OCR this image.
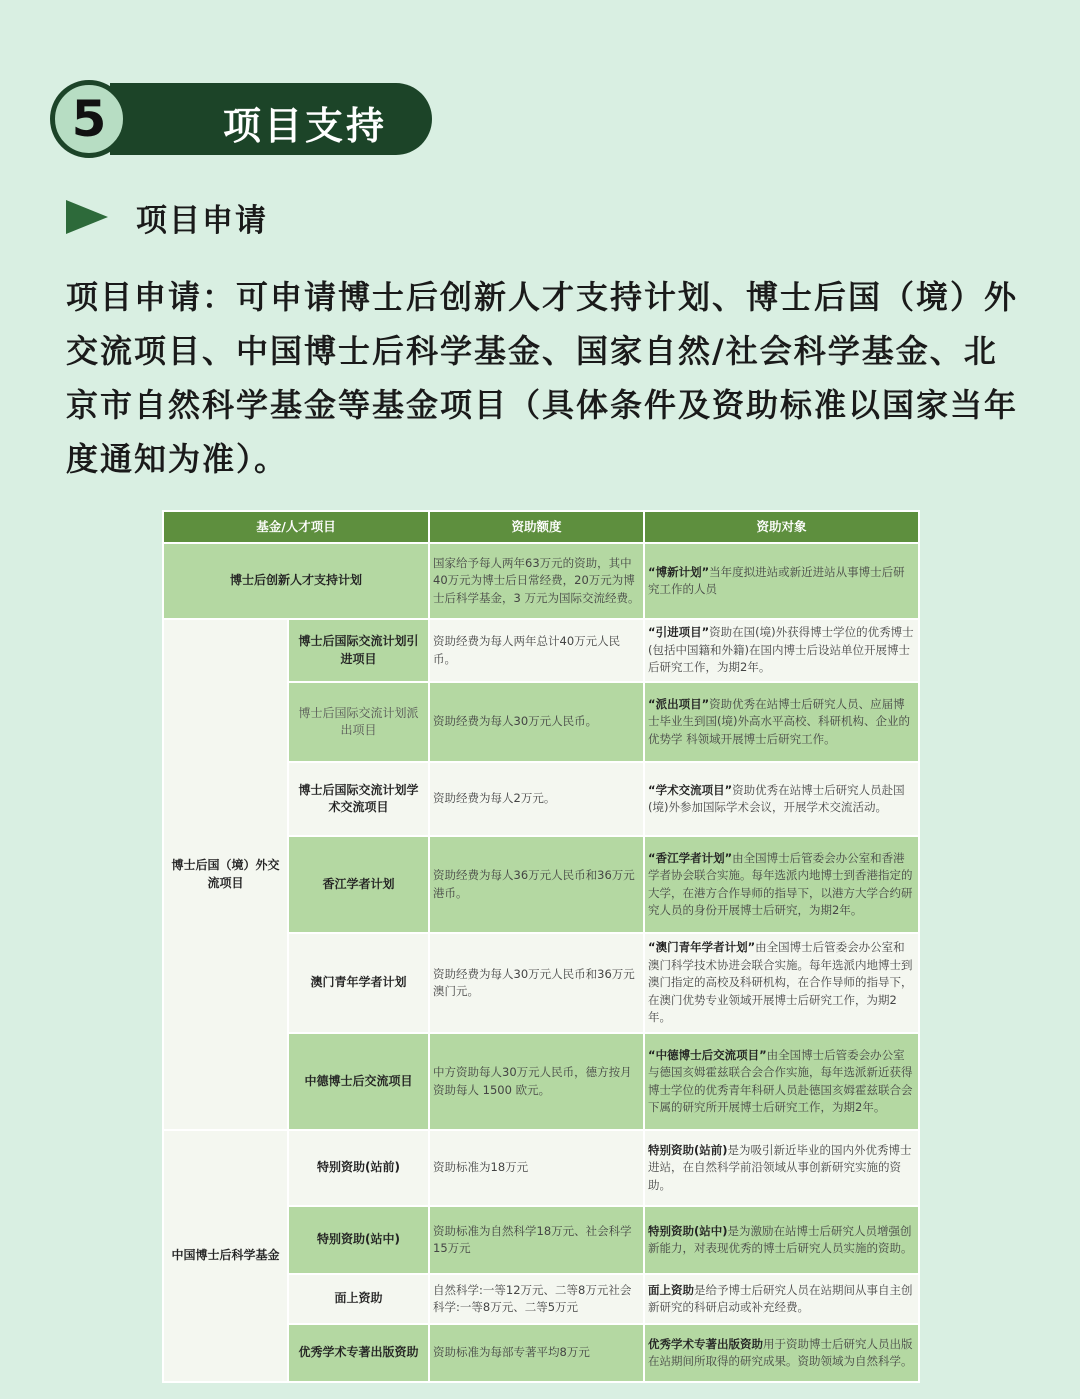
项目支持
5
项目申请

项目申请：可申请博士后创新人才支持计划、博士后国（境）外交流项目、中国博士后科学基金、国家自然/社会科学基金、北京市自然科学基金等基金项目（具体条件及资助标准以国家当年度通知为准）。

基金/人才项目		资助额度	资助对象
博士后创新人才支持计划		国家给予每人两年63万元的资助，其中40万元为博士后日常经费，20万元为博士后科学基金，3 万元为国际交流经费。	“博新计划”当年度拟进站或新近进站从事博士后研究工作的人员
博士后国（境）外交流项目	博士后国际交流计划引进项目	资助经费为每人两年总计40万元人民币。	“引进项目”资助在国(境)外获得博士学位的优秀博士(包括中国籍和外籍)在国内博士后设站单位开展博士后研究工作，为期2年。
	博士后国际交流计划派出项目	资助经费为每人30万元人民币。	“派出项目”资助优秀在站博士后研究人员、应届博士毕业生到国(境)外高水平高校、科研机构、企业的优势学 科领域开展博士后研究工作。
	博士后国际交流计划学术交流项目	资助经费为每人2万元。	“学术交流项目”资助优秀在站博士后研究人员赴国(境)外参加国际学术会议，开展学术交流活动。
	香江学者计划	资助经费为每人36万元人民币和36万元港币。	“香江学者计划”由全国博士后管委会办公室和香港学者协会联合实施。每年选派内地博士到香港指定的大学，在港方合作导师的指导下，以港方大学合约研究人员的身份开展博士后研究，为期2年。
	澳门青年学者计划	资助经费为每人30万元人民币和36万元澳门元。	“澳门青年学者计划”由全国博士后管委会办公室和澳门科学技术协进会联合实施。每年选派内地博士到澳门指定的高校及科研机构，在合作导师的指导下，在澳门优势专业领域开展博士后研究工作，为期2年。
	中德博士后交流项目	中方资助每人30万元人民币，德方按月资助每人 1500 欧元。	“中德博士后交流项目”由全国博士后管委会办公室与德国亥姆霍兹联合会合作实施，每年选派新近获得博士学位的优秀青年科研人员赴德国亥姆霍兹联合会下属的研究所开展博士后研究工作，为期2年。
中国博士后科学基金	特别资助(站前)	资助标准为18万元	特别资助(站前)是为吸引新近毕业的国内外优秀博士进站，在自然科学前沿领域从事创新研究实施的资助。
	特别资助(站中)	资助标准为自然科学18万元、社会科学15万元	特别资助(站中)是为激励在站博士后研究人员增强创新能力，对表现优秀的博士后研究人员实施的资助。
	面上资助	自然科学:一等12万元、二等8万元社会科学:一等8万元、二等5万元	面上资助是给予博士后研究人员在站期间从事自主创新研究的科研启动或补充经费。
	优秀学术专著出版资助	资助标准为每部专著平均8万元	优秀学术专著出版资助用于资助博士后研究人员出版在站期间所取得的研究成果。资助领域为自然科学。
